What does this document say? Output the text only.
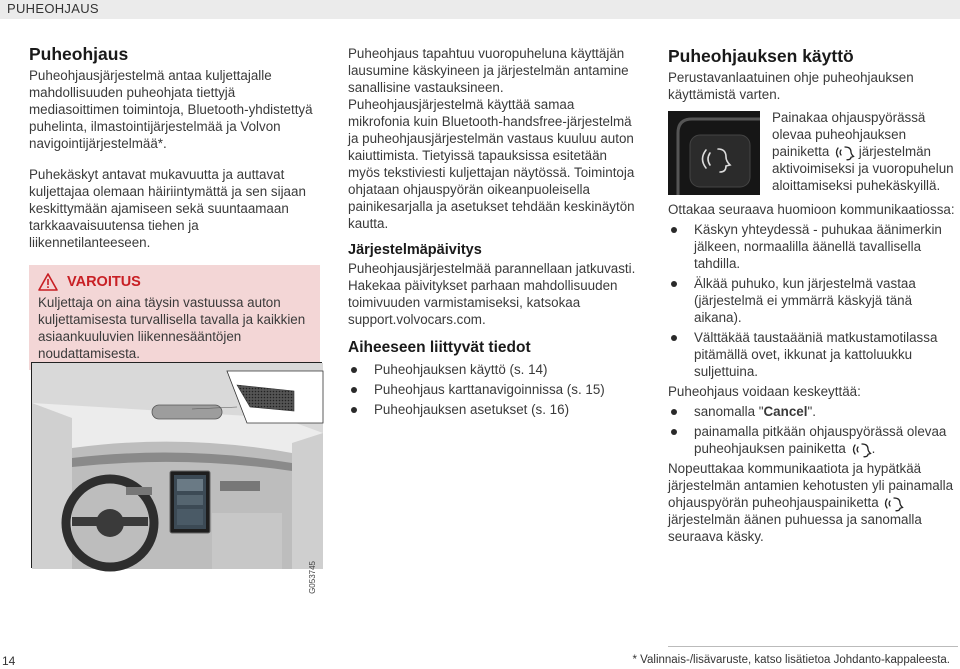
PUHEOHJAUS
Puheohjaus

Puheohjausjärjestelmä antaa kuljettajalle mahdollisuuden puheohjata tiettyjä mediasoittimen toimintoja, Bluetooth-yhdistettyä puhelinta, ilmastointijärjestelmää ja Volvon navigointijärjestelmää*.

Puhekäskyt antavat mukavuutta ja auttavat kuljettajaa olemaan häiriintymättä ja sen sijaan keskittymään ajamiseen sekä suuntaamaan tarkkaavaisuutensa tiehen ja liikennetilanteeseen.

VAROITUS
Kuljettaja on aina täysin vastuussa auton kuljettamisesta turvallisella tavalla ja kaikkien asiaankuuluvien liikennesääntöjen noudattamisesta.
G053745

Puheohjaus tapahtuu vuoropuheluna käyttäjän lausumine käskyineen ja järjestelmän antamine sanallisine vastauksineen. Puheohjausjärjestelmä käyttää samaa mikrofonia kuin Bluetooth-handsfree-järjestelmä ja puheohjausjärjestelmän vastaus kuuluu auton kaiuttimista. Tietyissä tapauksissa esitetään myös tekstiviesti kuljettajan näytössä. Toimintoja ohjataan ohjauspyörän oikeanpuoleisella painikesarjalla ja asetukset tehdään keskinäytön kautta.

Järjestelmäpäivitys

Puheohjausjärjestelmää parannellaan jatkuvasti. Hakekaa päivitykset parhaan mahdollisuuden toimivuuden varmistamiseksi, katsokaa support.volvocars.com.

Aiheeseen liittyvät tiedot
Puheohjauksen käyttö (s. 14)
Puheohjaus karttanavigoinnissa (s. 15)
Puheohjauksen asetukset (s. 16)
Puheohjauksen käyttö

Perustavanlaatuinen ohje puheohjauksen käyttämistä varten.

Painakaa ohjauspyörässä olevaa puheohjauksen painiketta järjestelmän aktivoimiseksi ja vuoropuhelun aloittamiseksi puhekäskyillä.

Ottakaa seuraava huomioon kommunikaatiossa:

Käskyn yhteydessä - puhukaa äänimerkin jälkeen, normaalilla äänellä tavallisella tahdilla.
Älkää puhuko, kun järjestelmä vastaa (järjestelmä ei ymmärrä käskyjä tänä aikana).
Välttäkää taustaääniä matkustamotilassa pitämällä ovet, ikkunat ja kattoluukku suljettuina.

Puheohjaus voidaan keskeyttää:

sanomalla "Cancel".
painamalla pitkään ohjauspyörässä olevaa puheohjauksen painiketta .

Nopeuttakaa kommunikaatiota ja hypätkää järjestelmän antamien kehotusten yli painamalla ohjauspyörän puheohjauspainiketta  järjestelmän äänen puhuessa ja sanomalla seuraava käsky.

14	* Valinnais-/lisävaruste, katso lisätietoa Johdanto-kappaleesta.
